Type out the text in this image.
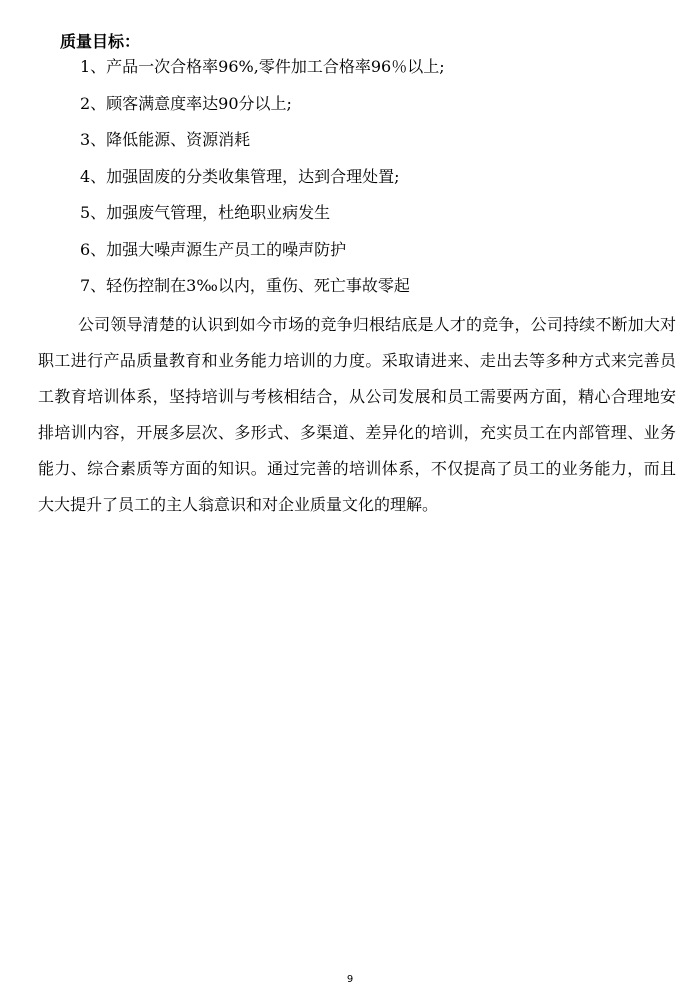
质量目标：
1、产品一次合格率96%,零件加工合格率96％以上;
2、顾客满意度率达90分以上;
3、降低能源、资源消耗
4、加强固废的分类收集管理，达到合理处置;
5、加强废气管理，杜绝职业病发生
6、加强大噪声源生产员工的噪声防护
7、轻伤控制在3‰以内，重伤、死亡事故零起

公司领导清楚的认识到如今市场的竞争归根结底是人才的竞争，公司持续不断加大对职工进行产品质量教育和业务能力培训的力度。采取请进来、走出去等多种方式来完善员工教育培训体系，坚持培训与考核相结合，从公司发展和员工需要两方面，精心合理地安排培训内容，开展多层次、多形式、多渠道、差异化的培训，充实员工在内部管理、业务能力、综合素质等方面的知识。通过完善的培训体系，不仅提高了员工的业务能力，而且大大提升了员工的主人翁意识和对企业质量文化的理解。

9
